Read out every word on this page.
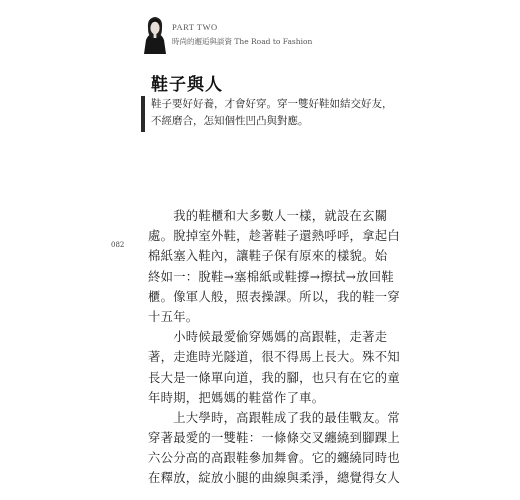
PART TWO
時尚的邂逅與談資 The Road to Fashion
鞋子與人
鞋子要好好養，才會好穿。穿一雙好鞋如結交好友，
不經磨合，怎知個性凹凸與對應。
082
　　我的鞋櫃和大多數人一樣，就設在玄關
處。脫掉室外鞋，趁著鞋子還熱呼呼，拿起白
棉紙塞入鞋內，讓鞋子保有原來的樣貌。始
終如一：脫鞋→塞棉紙或鞋撐→擦拭→放回鞋
櫃。像軍人般，照表操課。所以，我的鞋一穿
十五年。
　　小時候最愛偷穿媽媽的高跟鞋，走著走
著，走進時光隧道，很不得馬上長大。殊不知
長大是一條單向道，我的腳，也只有在它的童
年時期，把媽媽的鞋當作了車。
　　上大學時，高跟鞋成了我的最佳戰友。常
穿著最愛的一雙鞋：一條條交叉纏繞到腳踝上
六公分高的高跟鞋參加舞會。它的纏繞同時也
在釋放，綻放小腿的曲線與柔淨，總覺得女人
